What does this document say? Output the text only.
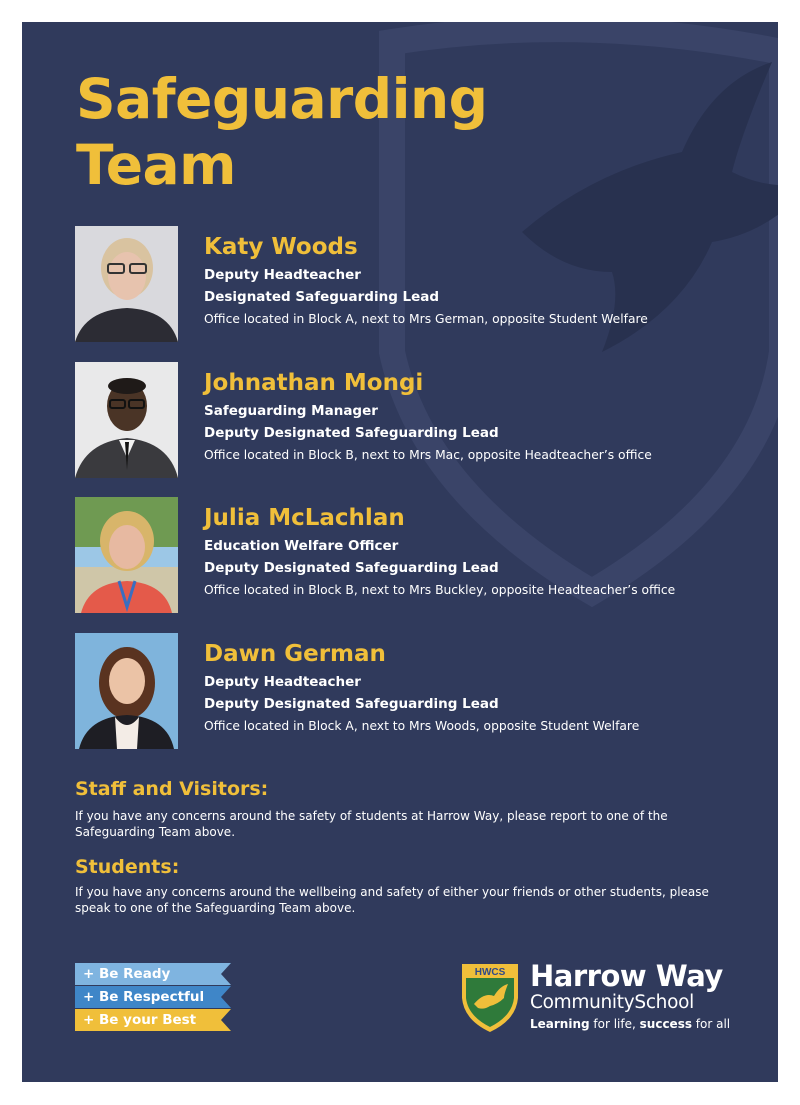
Safeguarding
Team
Katy Woods
Deputy Headteacher
Designated Safeguarding Lead
Office located in Block A, next to Mrs German, opposite Student Welfare
Johnathan Mongi
Safeguarding Manager
Deputy Designated Safeguarding Lead
Office located in Block B, next to Mrs Mac, opposite Headteacher’s office
Julia McLachlan
Education Welfare Officer
Deputy Designated Safeguarding Lead
Office located in Block B, next to Mrs Buckley, opposite Headteacher’s office
Dawn German
Deputy Headteacher
Deputy Designated Safeguarding Lead
Office located in Block A, next to Mrs Woods, opposite Student Welfare
Staff and Visitors:
If you have any concerns around the safety of students at Harrow Way, please report to one of the Safeguarding Team above.
Students:
If you have any concerns around the wellbeing and safety of either your friends or other students, please speak to one of the Safeguarding Team above.
+ Be Ready
+ Be Respectful
+ Be your Best
HWCS Harrow Way
CommunitySchool
Learning for life, success for all
